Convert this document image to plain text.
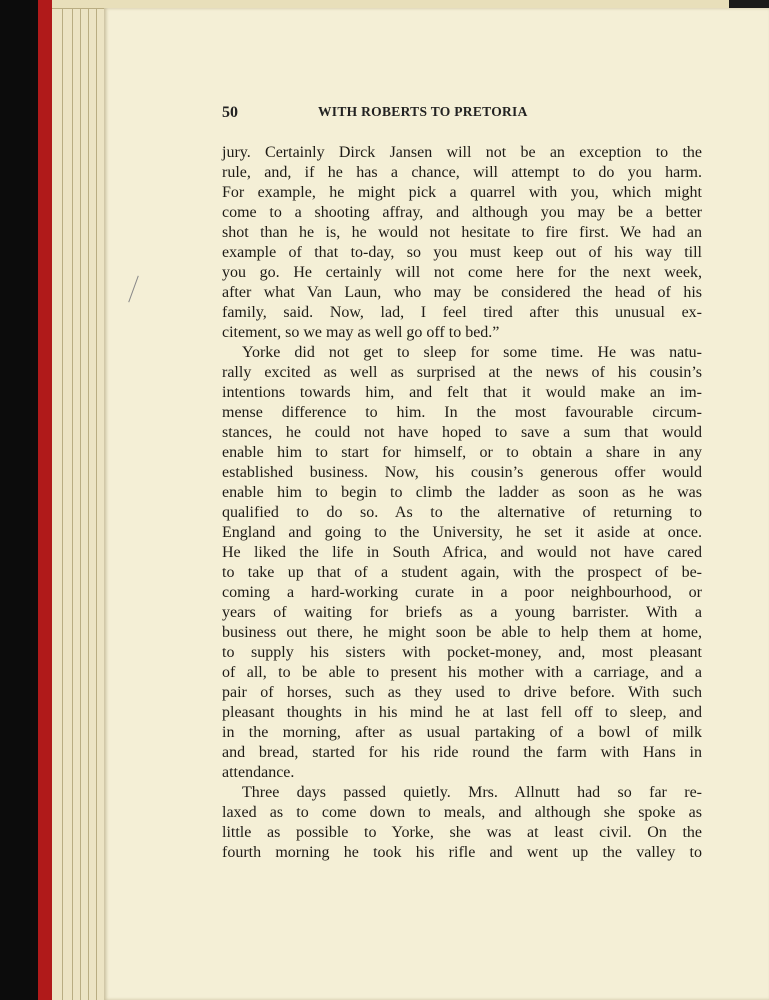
50	WITH ROBERTS TO PRETORIA
jury. Certainly Dirck Jansen will not be an exception to the
rule, and, if he has a chance, will attempt to do you harm.
For example, he might pick a quarrel with you, which might
come to a shooting affray, and although you may be a better
shot than he is, he would not hesitate to fire first. We had an
example of that to-day, so you must keep out of his way till
you go. He certainly will not come here for the next week,
after what Van Laun, who may be considered the head of his
family, said. Now, lad, I feel tired after this unusual ex-
citement, so we may as well go off to bed.”
Yorke did not get to sleep for some time. He was natu-
rally excited as well as surprised at the news of his cousin’s
intentions towards him, and felt that it would make an im-
mense difference to him. In the most favourable circum-
stances, he could not have hoped to save a sum that would
enable him to start for himself, or to obtain a share in any
established business. Now, his cousin’s generous offer would
enable him to begin to climb the ladder as soon as he was
qualified to do so. As to the alternative of returning to
England and going to the University, he set it aside at once.
He liked the life in South Africa, and would not have cared
to take up that of a student again, with the prospect of be-
coming a hard-working curate in a poor neighbourhood, or
years of waiting for briefs as a young barrister. With a
business out there, he might soon be able to help them at home,
to supply his sisters with pocket-money, and, most pleasant
of all, to be able to present his mother with a carriage, and a
pair of horses, such as they used to drive before. With such
pleasant thoughts in his mind he at last fell off to sleep, and
in the morning, after as usual partaking of a bowl of milk
and bread, started for his ride round the farm with Hans in
attendance.
Three days passed quietly. Mrs. Allnutt had so far re-
laxed as to come down to meals, and although she spoke as
little as possible to Yorke, she was at least civil. On the
fourth morning he took his rifle and went up the valley to
